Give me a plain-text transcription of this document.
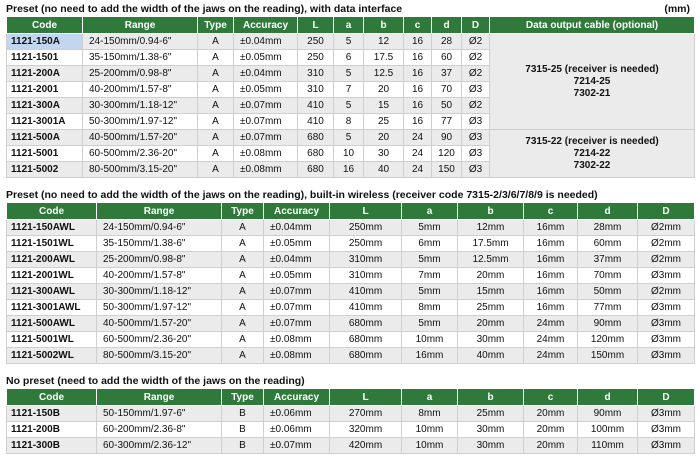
Preset (no need to add the width of the jaws on the reading), with data interface	(mm)
Code	Range	Type	Accuracy	L	a	b	c	d	D	Data output cable (optional)
1121-150A	24-150mm/0.94-6"	A	±0.04mm	250	5	12	16	28	Ø2	7315-25 (receiver is needed)
7214-25
7302-21

1121-1501	35-150mm/1.38-6"	A	±0.05mm	250	6	17.5	16	60	Ø2	
1121-200A	25-200mm/0.98-8"	A	±0.04mm	310	5	12.5	16	37	Ø2	
1121-2001	40-200mm/1.57-8"	A	±0.05mm	310	7	20	16	70	Ø3	
1121-300A	30-300mm/1.18-12"	A	±0.07mm	410	5	15	16	50	Ø2	
1121-3001A	50-300mm/1.97-12"	A	±0.07mm	410	8	25	16	77	Ø3	
1121-500A	40-500mm/1.57-20"	A	±0.07mm	680	5	20	24	90	Ø3	7315-22 (receiver is needed)
7214-22
7302-22

1121-5001	60-500mm/2.36-20"	A	±0.08mm	680	10	30	24	120	Ø3	
1121-5002	80-500mm/3.15-20"	A	±0.08mm	680	16	40	24	150	Ø3	
Preset (no need to add the width of the jaws on the reading), built-in wireless (receiver code 7315-2/3/6/7/8/9 is needed)
Code	Range	Type	Accuracy	L	a	b	c	d	D
1121-150AWL	24-150mm/0.94-6"	A	±0.04mm	250mm	5mm	12mm	16mm	28mm	Ø2mm
1121-1501WL	35-150mm/1.38-6"	A	±0.05mm	250mm	6mm	17.5mm	16mm	60mm	Ø2mm
1121-200AWL	25-200mm/0.98-8"	A	±0.04mm	310mm	5mm	12.5mm	16mm	37mm	Ø2mm
1121-2001WL	40-200mm/1.57-8"	A	±0.05mm	310mm	7mm	20mm	16mm	70mm	Ø3mm
1121-300AWL	30-300mm/1.18-12"	A	±0.07mm	410mm	5mm	15mm	16mm	50mm	Ø2mm
1121-3001AWL	50-300mm/1.97-12"	A	±0.07mm	410mm	8mm	25mm	16mm	77mm	Ø3mm
1121-500AWL	40-500mm/1.57-20"	A	±0.07mm	680mm	5mm	20mm	24mm	90mm	Ø3mm
1121-5001WL	60-500mm/2.36-20"	A	±0.08mm	680mm	10mm	30mm	24mm	120mm	Ø3mm
1121-5002WL	80-500mm/3.15-20"	A	±0.08mm	680mm	16mm	40mm	24mm	150mm	Ø3mm
No preset (need to add the width of the jaws on the reading)
Code	Range	Type	Accuracy	L	a	b	c	d	D
1121-150B	50-150mm/1.97-6"	B	±0.06mm	270mm	8mm	25mm	20mm	90mm	Ø3mm
1121-200B	60-200mm/2.36-8"	B	±0.06mm	320mm	10mm	30mm	20mm	100mm	Ø3mm
1121-300B	60-300mm/2.36-12"	B	±0.07mm	420mm	10mm	30mm	20mm	110mm	Ø3mm
